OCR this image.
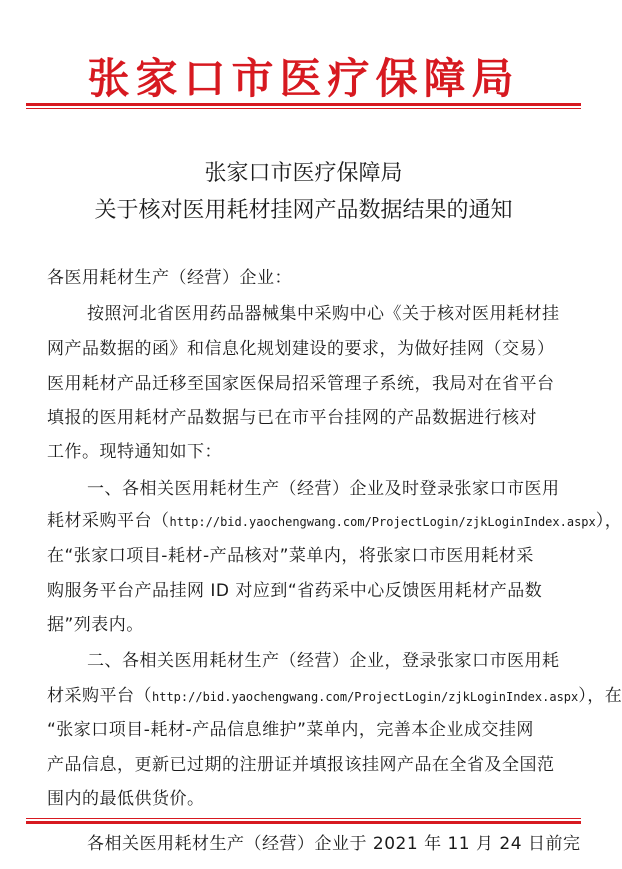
张家口市医疗保障局
张家口市医疗保障局
关于核对医用耗材挂网产品数据结果的通知
各医用耗材生产（经营）企业：
按照河北省医用药品器械集中采购中心《关于核对医用耗材挂
网产品数据的函》和信息化规划建设的要求，为做好挂网（交易）
医用耗材产品迁移至国家医保局招采管理子系统，我局对在省平台
填报的医用耗材产品数据与已在市平台挂网的产品数据进行核对
工作。现特通知如下：
一、各相关医用耗材生产（经营）企业及时登录张家口市医用
耗材采购平台（http://bid.yaochengwang.com/ProjectLogin/zjkLoginIndex.aspx），
在“张家口项目-耗材-产品核对”菜单内，将张家口市医用耗材采
购服务平台产品挂网 ID 对应到“省药采中心反馈医用耗材产品数
据”列表内。
二、各相关医用耗材生产（经营）企业，登录张家口市医用耗
材采购平台（http://bid.yaochengwang.com/ProjectLogin/zjkLoginIndex.aspx），在
“张家口项目-耗材-产品信息维护”菜单内，完善本企业成交挂网
产品信息，更新已过期的注册证并填报该挂网产品在全省及全国范
围内的最低供货价。
各相关医用耗材生产（经营）企业于 2021 年 11 月 24 日前完
